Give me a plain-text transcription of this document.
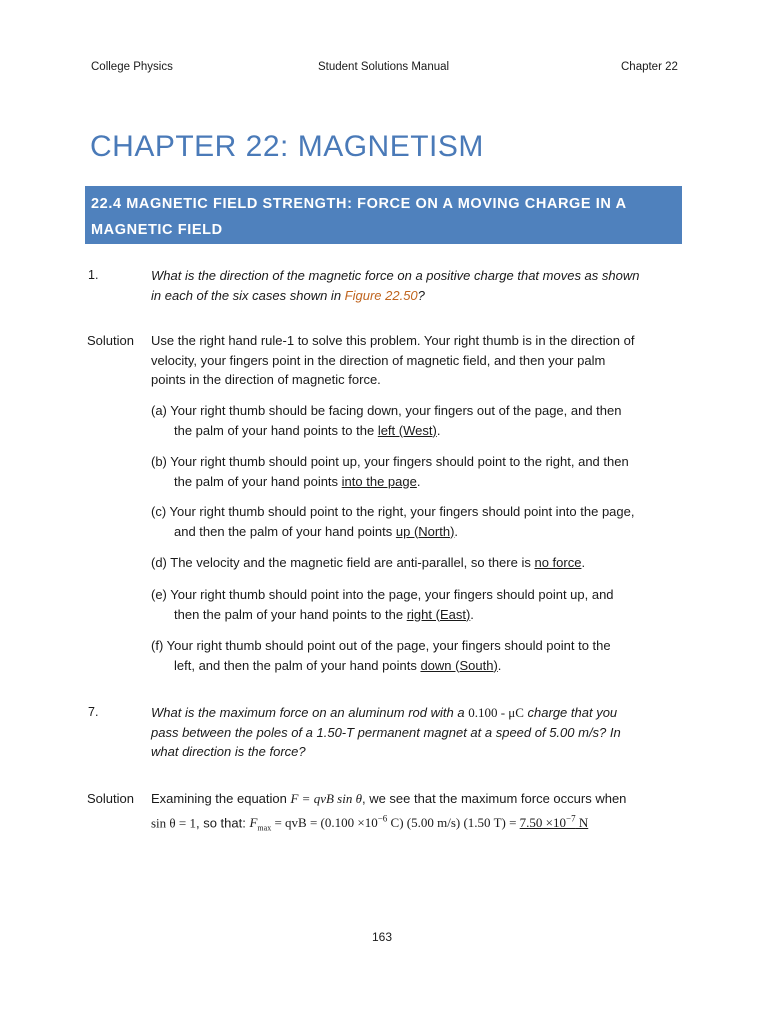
College Physics	Student Solutions Manual	Chapter 22
CHAPTER 22: MAGNETISM
22.4 MAGNETIC FIELD STRENGTH: FORCE ON A MOVING CHARGE IN A
MAGNETIC FIELD
1.	What is the direction of the magnetic force on a positive charge that moves as shown
in each of the six cases shown in Figure 22.50?
Solution Use the right hand rule-1 to solve this problem. Your right thumb is in the direction of
velocity, your fingers point in the direction of magnetic field, and then your palm
points in the direction of magnetic force.
(a) Your right thumb should be facing down, your fingers out of the page, and then
the palm of your hand points to the left (West).
(b) Your right thumb should point up, your fingers should point to the right, and then
the palm of your hand points into the page.
(c) Your right thumb should point to the right, your fingers should point into the page,
and then the palm of your hand points up (North).
(d) The velocity and the magnetic field are anti-parallel, so there is no force.
(e) Your right thumb should point into the page, your fingers should point up, and
then the palm of your hand points to the right (East).
(f) Your right thumb should point out of the page, your fingers should point to the
left, and then the palm of your hand points down (South).
7.	What is the maximum force on an aluminum rod with a 0.100 - μC charge that you
pass between the poles of a 1.50-T permanent magnet at a speed of 5.00 m/s? In
what direction is the force?
Solution Examining the equation F = qvB sin θ, we see that the maximum force occurs when
sin θ = 1, so that: $F_{max}$ = qvB = ($0.100 \times 10^{-6}$ C) (5.00 m/s) (1.50 $T) = 7.50 \times 10^{-7}$ N
163
